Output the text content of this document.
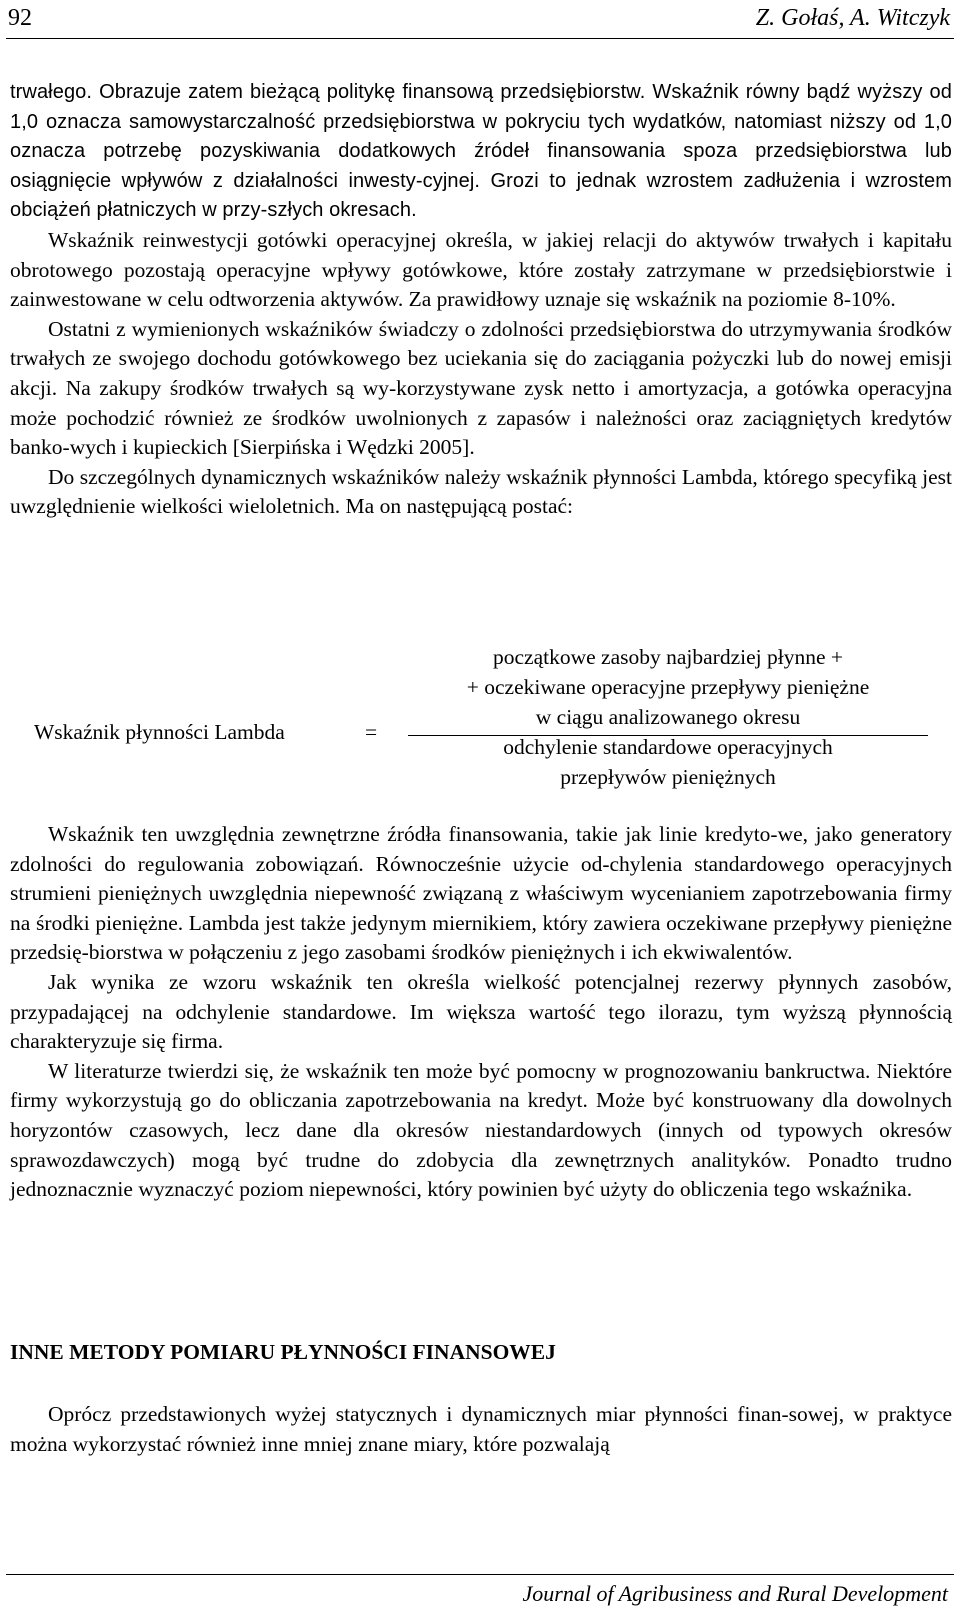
92	Z. Gołaś, A. Witczyk

trwałego. Obrazuje zatem bieżącą politykę finansową przedsiębiorstw. Wskaźnik równy bądź wyższy od 1,0 oznacza samowystarczalność przedsiębiorstwa w pokryciu tych wydatków, natomiast niższy od 1,0 oznacza potrzebę pozyskiwania dodatkowych źródeł finansowania spoza przedsiębiorstwa lub osiągnięcie wpływów z działalności inwesty-cyjnej. Grozi to jednak wzrostem zadłużenia i wzrostem obciążeń płatniczych w przy-szłych okresach.

Wskaźnik reinwestycji gotówki operacyjnej określa, w jakiej relacji do aktywów trwałych i kapitału obrotowego pozostają operacyjne wpływy gotówkowe, które zostały zatrzymane w przedsiębiorstwie i zainwestowane w celu odtworzenia aktywów. Za prawidłowy uznaje się wskaźnik na poziomie 8-10%.

Ostatni z wymienionych wskaźników świadczy o zdolności przedsiębiorstwa do utrzymywania środków trwałych ze swojego dochodu gotówkowego bez uciekania się do zaciągania pożyczki lub do nowej emisji akcji. Na zakupy środków trwałych są wy-korzystywane zysk netto i amortyzacja, a gotówka operacyjna może pochodzić również ze środków uwolnionych z zapasów i należności oraz zaciągniętych kredytów banko-wych i kupieckich [Sierpińska i Wędzki 2005].

Do szczególnych dynamicznych wskaźników należy wskaźnik płynności Lambda, którego specyfiką jest uwzględnienie wielkości wieloletnich. Ma on następującą postać:

Wskaźnik płynności Lambda	=
początkowe zasoby najbardziej płynne +
+ oczekiwane operacyjne przepływy pieniężne
w ciągu analizowanego okresu
odchylenie standardowe operacyjnych
przepływów pieniężnych

Wskaźnik ten uwzględnia zewnętrzne źródła finansowania, takie jak linie kredyto-we, jako generatory zdolności do regulowania zobowiązań. Równocześnie użycie od-chylenia standardowego operacyjnych strumieni pieniężnych uwzględnia niepewność związaną z właściwym wycenianiem zapotrzebowania firmy na środki pieniężne. Lambda jest także jedynym miernikiem, który zawiera oczekiwane przepływy pieniężne przedsię-biorstwa w połączeniu z jego zasobami środków pieniężnych i ich ekwiwalentów.

Jak wynika ze wzoru wskaźnik ten określa wielkość potencjalnej rezerwy płynnych zasobów, przypadającej na odchylenie standardowe. Im większa wartość tego ilorazu, tym wyższą płynnością charakteryzuje się firma.

W literaturze twierdzi się, że wskaźnik ten może być pomocny w prognozowaniu bankructwa. Niektóre firmy wykorzystują go do obliczania zapotrzebowania na kredyt. Może być konstruowany dla dowolnych horyzontów czasowych, lecz dane dla okresów niestandardowych (innych od typowych okresów sprawozdawczych) mogą być trudne do zdobycia dla zewnętrznych analityków. Ponadto trudno jednoznacznie wyznaczyć poziom niepewności, który powinien być użyty do obliczenia tego wskaźnika.

INNE METODY POMIARU PŁYNNOŚCI FINANSOWEJ

Oprócz przedstawionych wyżej statycznych i dynamicznych miar płynności finan-sowej, w praktyce można wykorzystać również inne mniej znane miary, które pozwalają

Journal of Agribusiness and Rural Development
